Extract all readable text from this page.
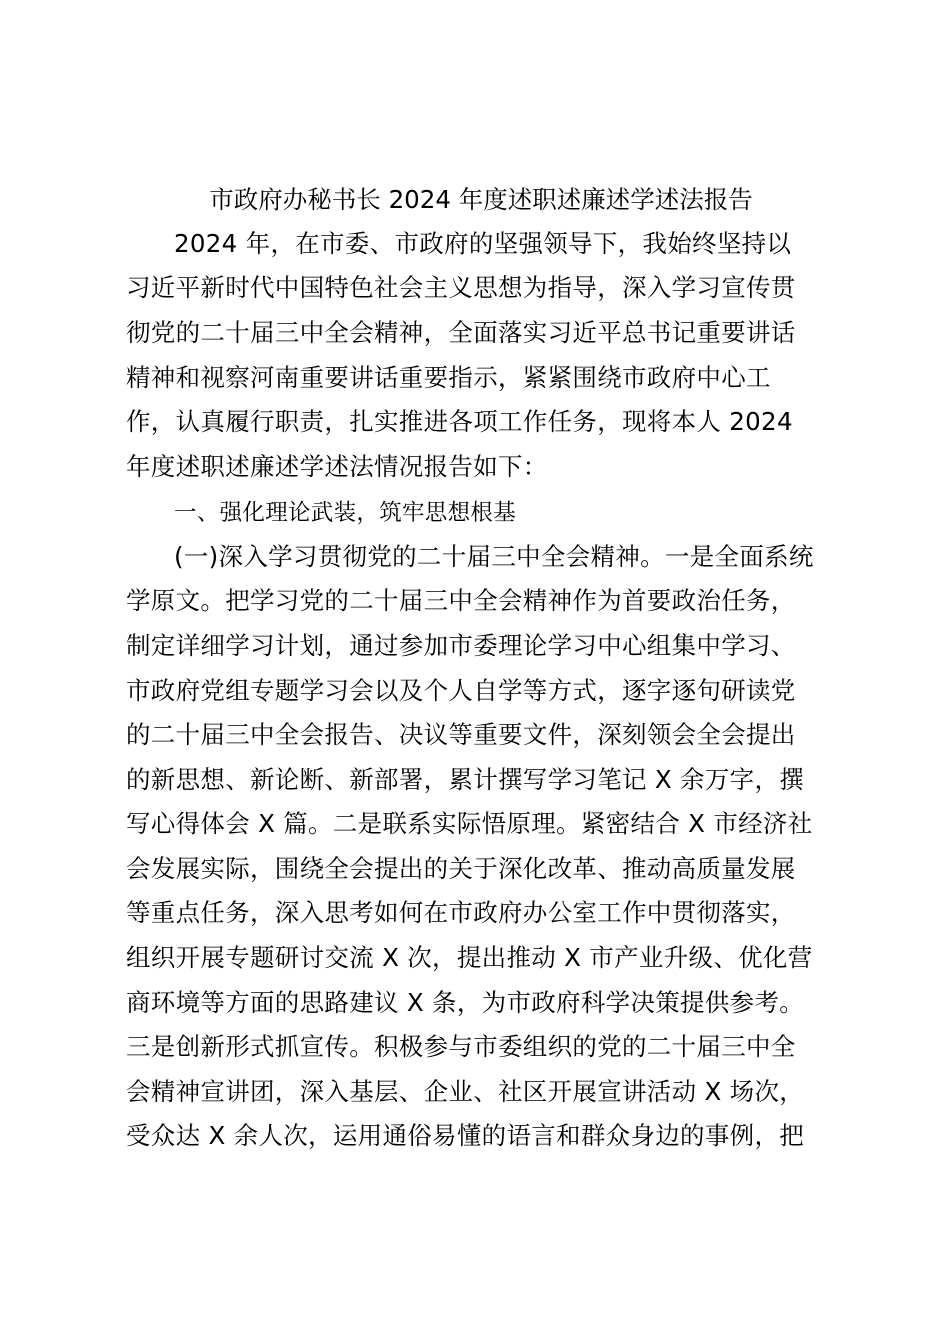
市政府办秘书长 2024 年度述职述廉述学述法报告

2024 年，在市委、市政府的坚强领导下，我始终坚持以

习近平新时代中国特色社会主义思想为指导，深入学习宣传贯

彻党的二十届三中全会精神，全面落实习近平总书记重要讲话

精神和视察河南重要讲话重要指示，紧紧围绕市政府中心工

作，认真履行职责，扎实推进各项工作任务，现将本人 2024

年度述职述廉述学述法情况报告如下：

一、强化理论武装，筑牢思想根基

(一)深入学习贯彻党的二十届三中全会精神。一是全面系统

学原文。把学习党的二十届三中全会精神作为首要政治任务，

制定详细学习计划，通过参加市委理论学习中心组集中学习、

市政府党组专题学习会以及个人自学等方式，逐字逐句研读党

的二十届三中全会报告、决议等重要文件，深刻领会全会提出

的新思想、新论断、新部署，累计撰写学习笔记 X 余万字，撰

写心得体会 X 篇。二是联系实际悟原理。紧密结合 X 市经济社

会发展实际，围绕全会提出的关于深化改革、推动高质量发展

等重点任务，深入思考如何在市政府办公室工作中贯彻落实，

组织开展专题研讨交流 X 次，提出推动 X 市产业升级、优化营

商环境等方面的思路建议 X 条，为市政府科学决策提供参考。

三是创新形式抓宣传。积极参与市委组织的党的二十届三中全

会精神宣讲团，深入基层、企业、社区开展宣讲活动 X 场次，

受众达 X 余人次，运用通俗易懂的语言和群众身边的事例，把
